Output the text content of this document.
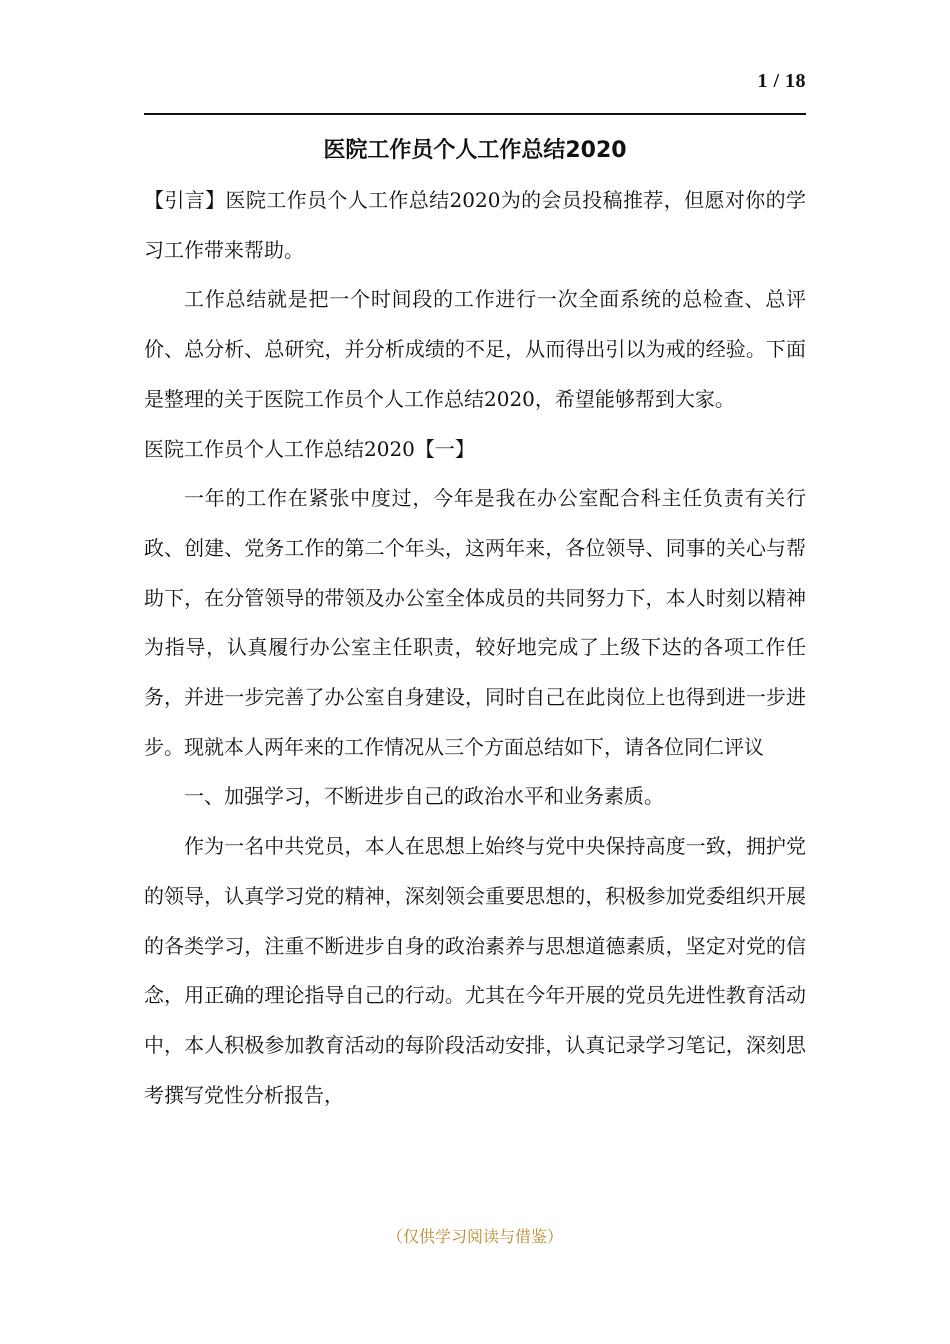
1 / 18
医院工作员个人工作总结2020

【引言】医院工作员个人工作总结2020为的会员投稿推荐，但愿对你的学习工作带来帮助。

工作总结就是把一个时间段的工作进行一次全面系统的总检查、总评价、总分析、总研究，并分析成绩的不足，从而得出引以为戒的经验。下面是整理的关于医院工作员个人工作总结2020，希望能够帮到大家。

医院工作员个人工作总结2020【一】

一年的工作在紧张中度过，今年是我在办公室配合科主任负责有关行政、创建、党务工作的第二个年头，这两年来，各位领导、同事的关心与帮助下，在分管领导的带领及办公室全体成员的共同努力下，本人时刻以精神为指导，认真履行办公室主任职责，较好地完成了上级下达的各项工作任务，并进一步完善了办公室自身建设，同时自己在此岗位上也得到进一步进步。现就本人两年来的工作情况从三个方面总结如下，请各位同仁评议

一、加强学习，不断进步自己的政治水平和业务素质。

作为一名中共党员，本人在思想上始终与党中央保持高度一致，拥护党的领导，认真学习党的精神，深刻领会重要思想的，积极参加党委组织开展的各类学习，注重不断进步自身的政治素养与思想道德素质，坚定对党的信念，用正确的理论指导自己的行动。尤其在今年开展的党员先进性教育活动中，本人积极参加教育活动的每阶段活动安排，认真记录学习笔记，深刻思考撰写党性分析报告，

（仅供学习阅读与借鉴）
